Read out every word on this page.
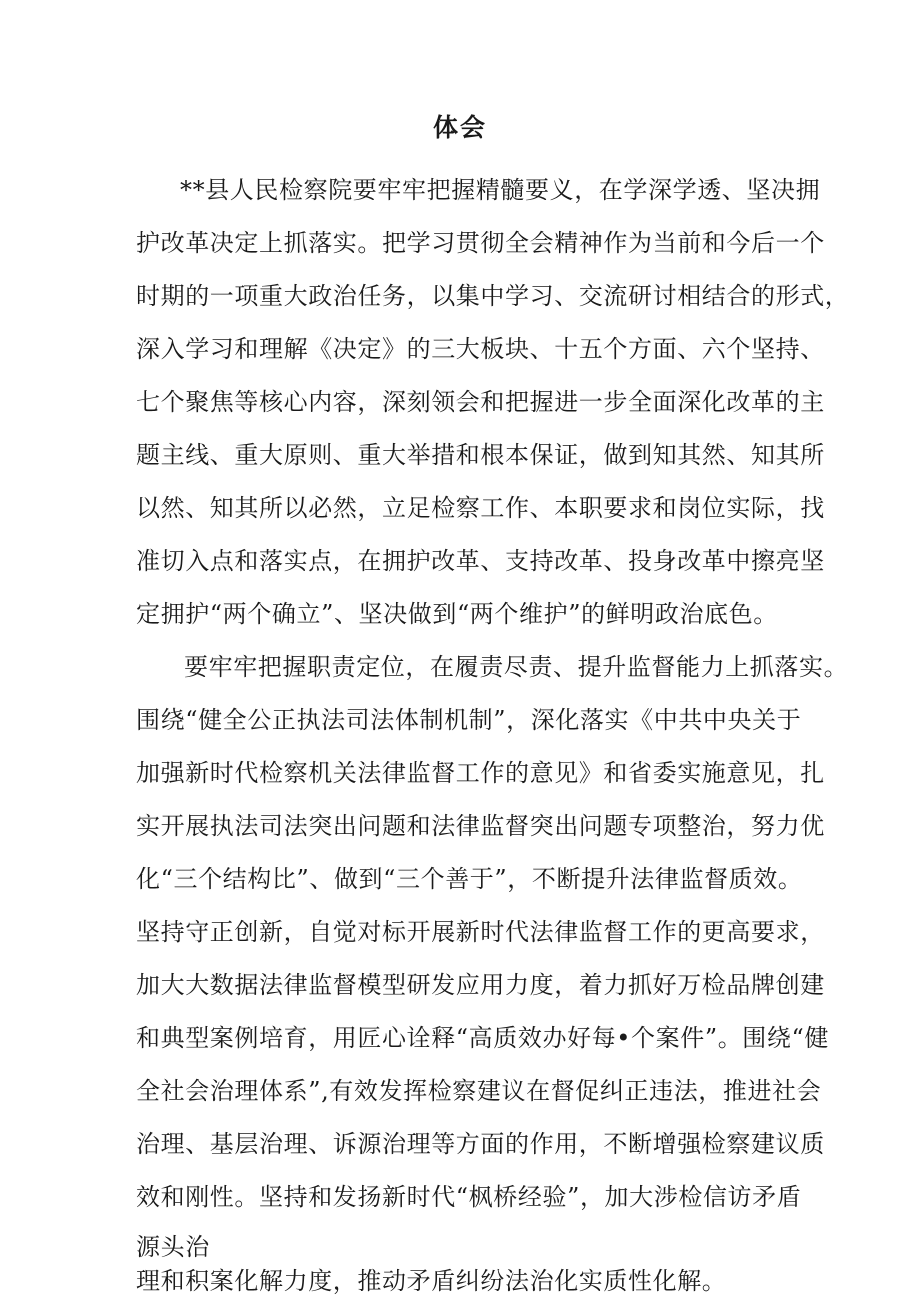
体会
**县人民检察院要牢牢把握精髓要义，在学深学透、坚决拥
护改革决定上抓落实。把学习贯彻全会精神作为当前和今后一个
时期的一项重大政治任务，以集中学习、交流研讨相结合的形式，
深入学习和理解《决定》的三大板块、十五个方面、六个坚持、
七个聚焦等核心内容，深刻领会和把握进一步全面深化改革的主
题主线、重大原则、重大举措和根本保证，做到知其然、知其所
以然、知其所以必然，立足检察工作、本职要求和岗位实际，找
准切入点和落实点，在拥护改革、支持改革、投身改革中擦亮坚
定拥护“两个确立”、坚决做到“两个维护”的鲜明政治底色。
要牢牢把握职责定位，在履责尽责、提升监督能力上抓落实。
围绕“健全公正执法司法体制机制”，深化落实《中共中央关于
加强新时代检察机关法律监督工作的意见》和省委实施意见，扎
实开展执法司法突出问题和法律监督突出问题专项整治，努力优
化“三个结构比”、做到“三个善于”，不断提升法律监督质效。
坚持守正创新，自觉对标开展新时代法律监督工作的更高要求，
加大大数据法律监督模型研发应用力度，着力抓好万检品牌创建
和典型案例培育，用匠心诠释“高质效办好每•个案件”。围绕“健
全社会治理体系”,有效发挥检察建议在督促纠正违法，推进社会
治理、基层治理、诉源治理等方面的作用，不断增强检察建议质
效和刚性。坚持和发扬新时代“枫桥经验”，加大涉检信访矛盾
源头治
理和积案化解力度，推动矛盾纠纷法治化实质性化解。
